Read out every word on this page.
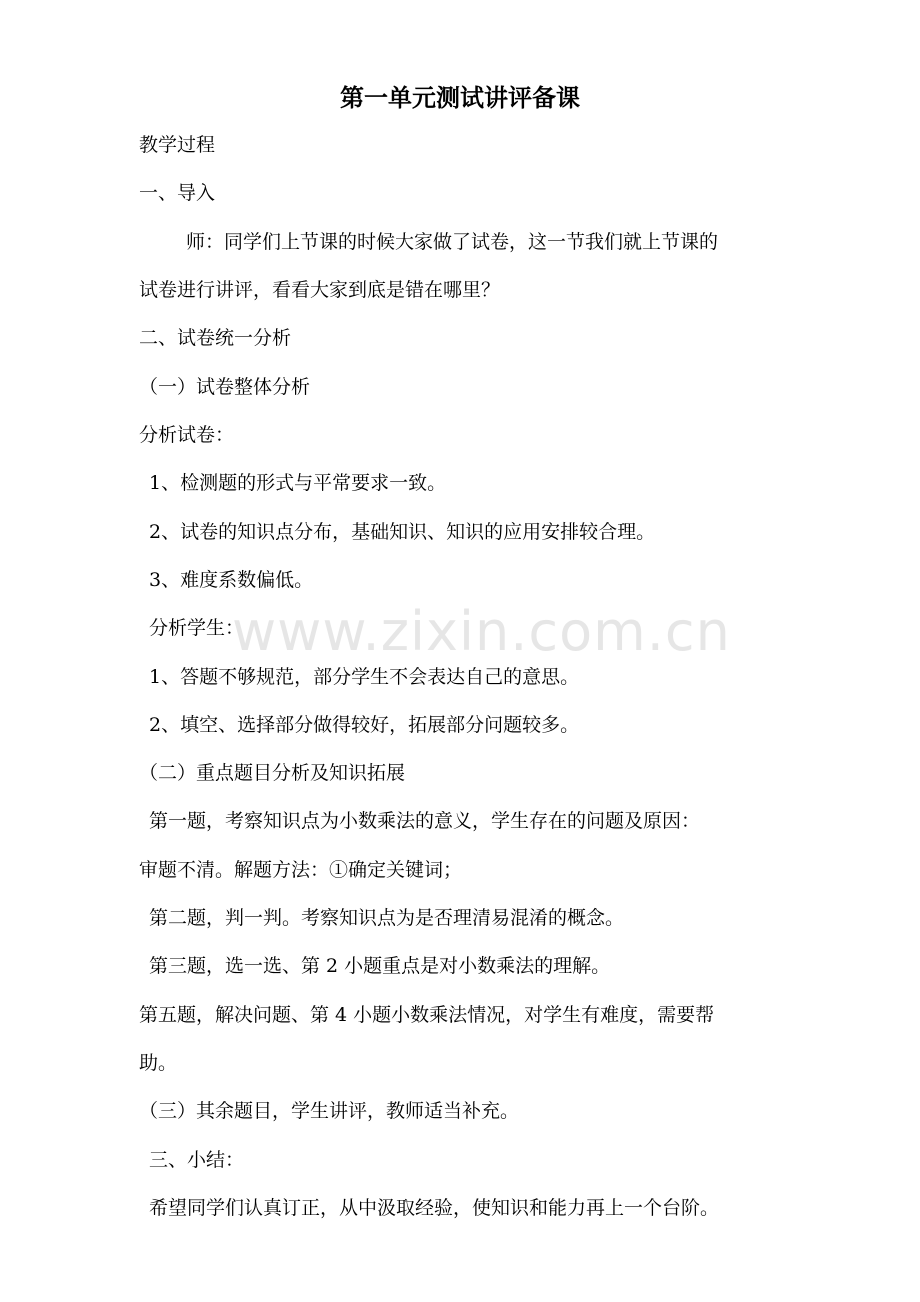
第一单元测试讲评备课
教学过程
一、导入
师：同学们上节课的时候大家做了试卷，这一节我们就上节课的
试卷进行讲评，看看大家到底是错在哪里？
二、试卷统一分析
（一）试卷整体分析
分析试卷：
1、检测题的形式与平常要求一致。
2、试卷的知识点分布，基础知识、知识的应用安排较合理。
3、难度系数偏低。
分析学生：
1、答题不够规范，部分学生不会表达自己的意思。
2、填空、选择部分做得较好，拓展部分问题较多。
（二）重点题目分析及知识拓展
第一题，考察知识点为小数乘法的意义，学生存在的问题及原因：
审题不清。解题方法：①确定关键词；
第二题，判一判。考察知识点为是否理清易混淆的概念。
第三题，选一选、第 2 小题重点是对小数乘法的理解。
第五题，解决问题、第 4 小题小数乘法情况，对学生有难度，需要帮
助。
（三）其余题目，学生讲评，教师适当补充。
三、小结：
希望同学们认真订正，从中汲取经验，使知识和能力再上一个台阶。
www.zixin.com.cn
